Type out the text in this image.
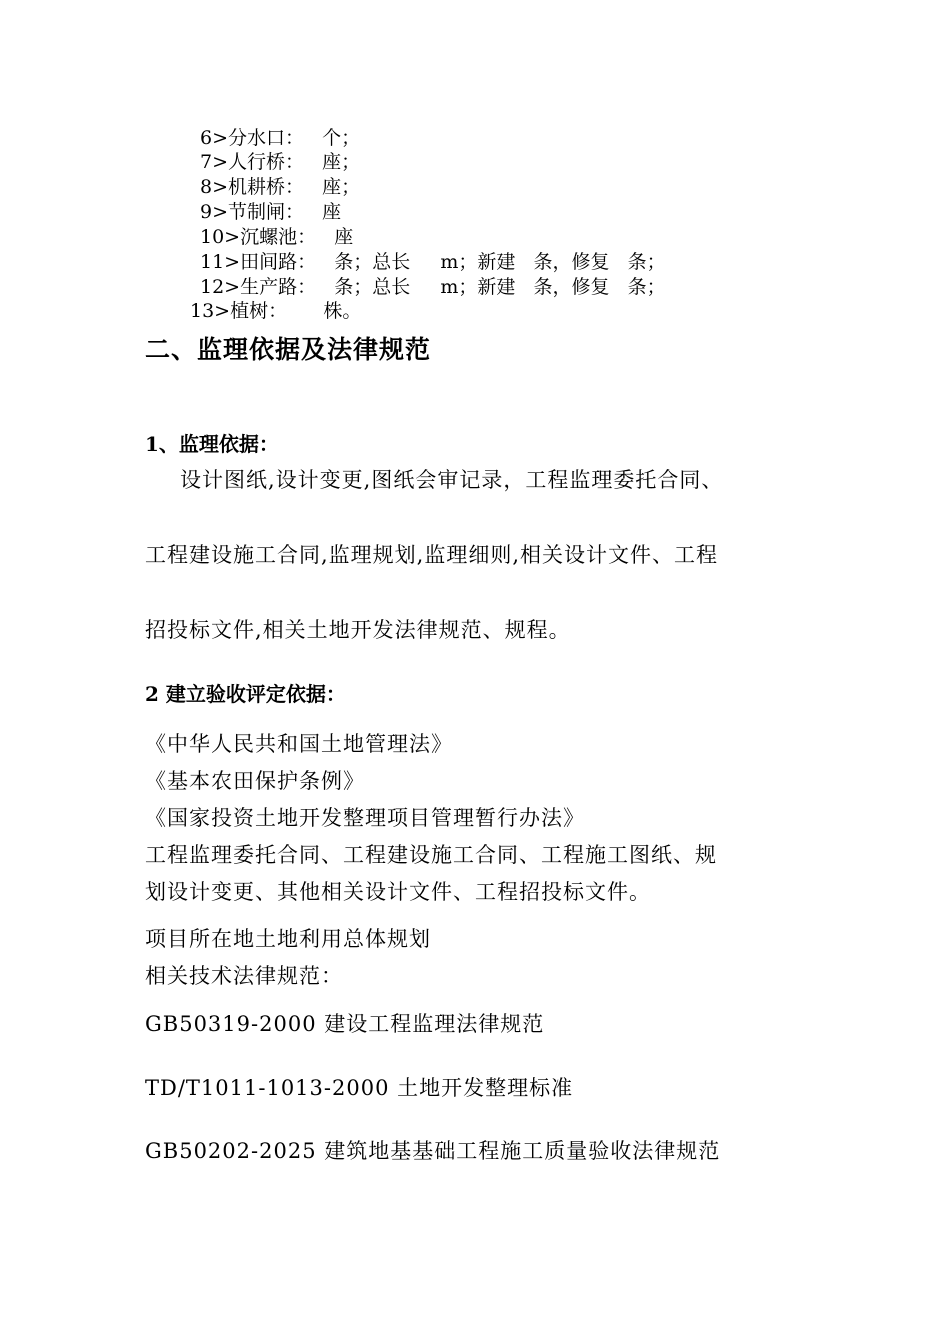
6>分水口：   个；
7>人行桥：   座；
8>机耕桥：   座；
9>节制闸：   座
10>沉螺池：   座
11>田间路：   条；总长     m；新建   条，修复   条；
12>生产路：   条；总长     m；新建   条，修复   条；
13>植树：      株。
二、监理依据及法律规范
1、监理依据：
设计图纸,设计变更,图纸会审记录，工程监理委托合同、
工程建设施工合同,监理规划,监理细则,相关设计文件、工程
招投标文件,相关土地开发法律规范、规程。
2 建立验收评定依据：
《中华人民共和国土地管理法》
《基本农田保护条例》
《国家投资土地开发整理项目管理暂行办法》
工程监理委托合同、工程建设施工合同、工程施工图纸、规
划设计变更、其他相关设计文件、工程招投标文件。
项目所在地土地利用总体规划
相关技术法律规范：
GB50319-2000 建设工程监理法律规范
TD/T1011-1013-2000 土地开发整理标准
GB50202-2025 建筑地基基础工程施工质量验收法律规范
